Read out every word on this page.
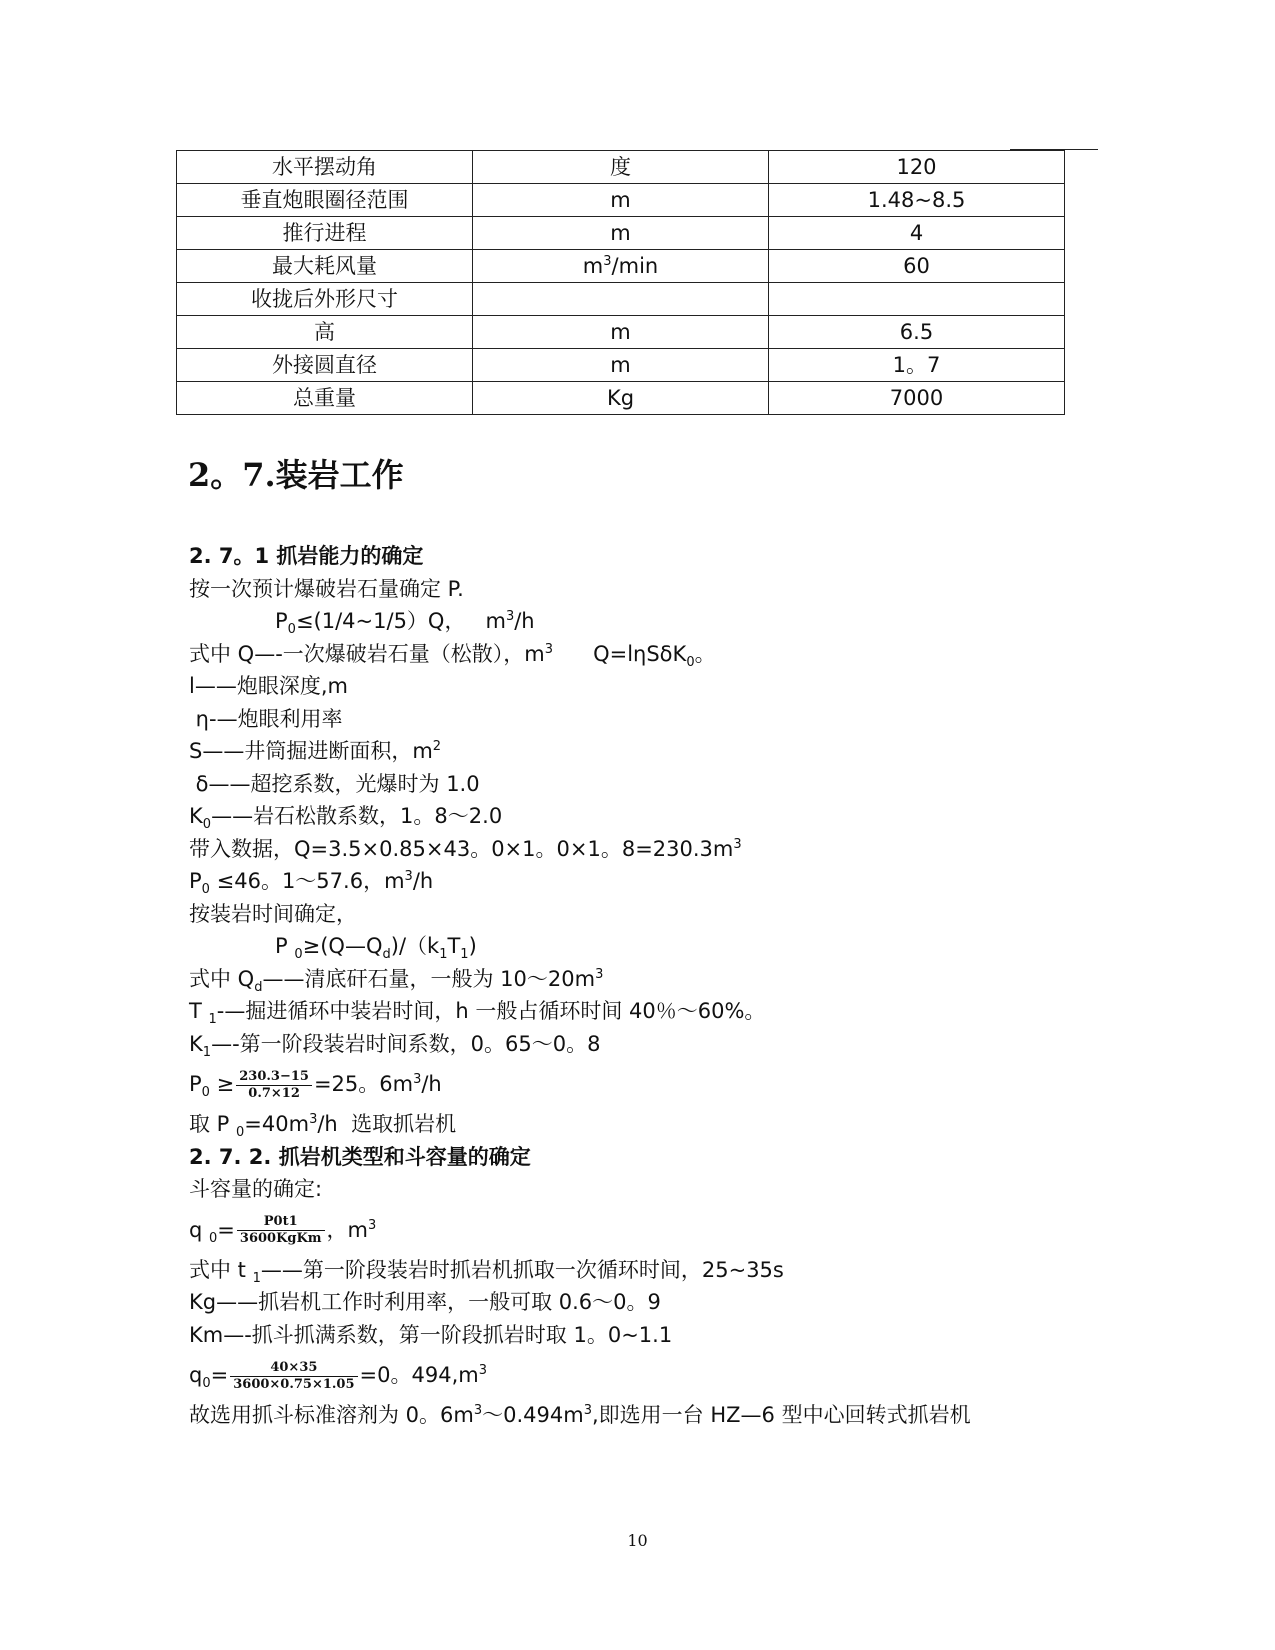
水平摆动角	度	120
垂直炮眼圈径范围	m	1.48~8.5
推行进程	m	4
最大耗风量	$m^3/\min$	60
收拢后外形尺寸		
高	m	6.5
外接圆直径	m	1。7
总重量	Kg	7000
2。7.装岩工作
2. 7。1 抓岩能力的确定
按一次预计爆破岩石量确定 P.
$P_0\le(1/4\sim 1/5)Q$，   $m^3/h$
式中 Q—-一次爆破岩石量（松散），$m^3$      Q=lηSδK$_0$。
l——炮眼深度,m
η-—炮眼利用率
S——井筒掘进断面积，$m^2$
δ——超挖系数，光爆时为 1.0
$K_0——$岩石松散系数，1。8～2.0
带入数据，Q=3.5×0.85×43。0×1。0×1。$8=230.3m^3$
$P_0 \le 46$。1～57.6，$m^3/h$
按装岩时间确定，
P $_0\ge(Q—Q_d)/(k_1T_1)$
式中 $Q_d——$清底矸石量，一般为 $10\sim 20m^3$
T $_1$-—掘进循环中装岩时间，h 一般占循环时间 40％～60%。
$K_1—-$第一阶段装岩时间系数，0。65～0。8
$P_0 \ge \frac{230.3-15}{0.7\times 12} =25$。$6m^3/h$
取 P $_0=40m^3/h$  选取抓岩机
2. 7. 2. 抓岩机类型和斗容量的确定
斗容量的确定:
q $_0= \frac{P0t1}{\text{3600KgKm}}$ ，$m^3$
式中 t $_1$——第一阶段装岩时抓岩机抓取一次循环时间，25~35s
Kg——抓岩机工作时利用率，一般可取 0.6～0。9
Km—-抓斗抓满系数，第一阶段抓岩时取 1。0~1.1
$q_0= \frac{40\times 35}{3600\times 0.75\times 1.05} =0$。$494,m^3$
故选用抓斗标准溶剂为 0。$6m^3\sim 0.494m^3$,即选用一台 HZ—6 型中心回转式抓岩机
10
